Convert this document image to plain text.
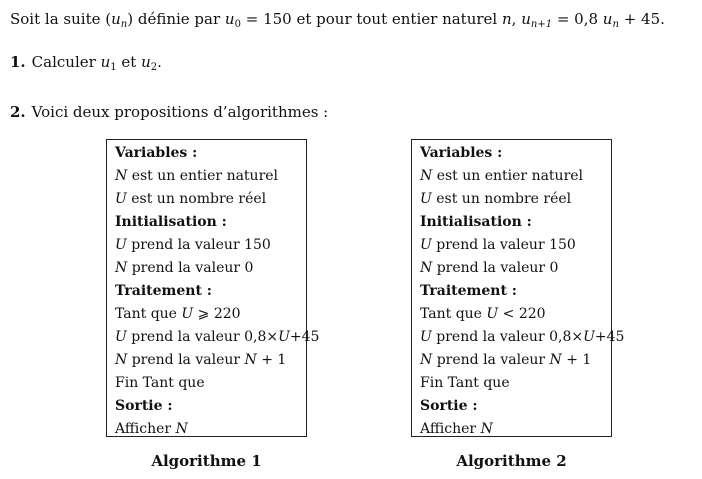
Soit la suite $(u_n)$ définie par $u_0 = 150$ et pour tout entier naturel n, $u_{n+1} = 0,8$ $u_n + 45$.
1. Calculer $u_1$ et $u_2$.
2. Voici deux propositions d’algorithmes :
Variables :
N est un entier naturel
U est un nombre réel
Initialisation :
U prend la valeur 150
N prend la valeur 0
Traitement :
Tant que U ⩾ 220
U prend la valeur 0,8×U+45
N prend la valeur N + 1
Fin Tant que
Sortie :
Afficher N
Algorithme 1
Variables :
N est un entier naturel
U est un nombre réel
Initialisation :
U prend la valeur 150
N prend la valeur 0
Traitement :
Tant que U < 220
U prend la valeur 0,8×U+45
N prend la valeur N + 1
Fin Tant que
Sortie :
Afficher N
Algorithme 2
